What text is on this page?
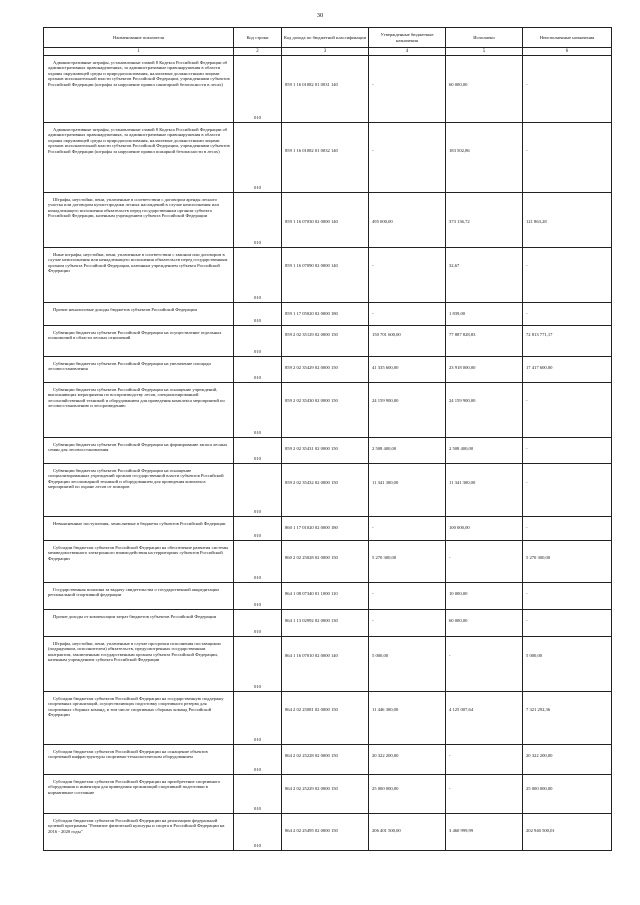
30
Наименование показателя	Код строки	Код дохода по бюджетной классификации	Утвержденные бюджетные назначения	Исполнено	Неисполненные назначения
1	2	3	4	5	6
Административные штрафы, установленные главой 8 Кодекса Российской Федерации об административных правонарушениях, за административные правонарушения в области охраны окружающей среды и природопользования, налагаемые должностными лицами органов исполнительной власти субъектов Российской Федерации, учреждениями субъектов Российской Федерации (штрафы за нарушение правил санитарной безопасности в лесах)	010	859 1 16 01082 01 0031 140	-	60 000,00	-

Административные штрафы, установленные главой 8 Кодекса Российской Федерации об административных правонарушениях, за административные правонарушения в области охраны окружающей среды и природопользования, налагаемые должностными лицами органов исполнительной власти субъектов Российской Федерации, учреждениями субъектов Российской Федерации (штрафы за нарушение правил пожарной безопасности в лесах)	010	859 1 16 01082 01 0032 140	-	183 502,86	-

Штрафы, неустойки, пени, уплаченные в соответствии с договором аренды лесного участка или договором купли-продажи лесных насаждений в случае неисполнения или ненадлежащего исполнения обязательств перед государственным органом субъекта Российской Федерации, казенным учреждением субъекта Российской Федерации	010	859 1 16 07030 02 0000 140	495 000,00	373 136,72	121 863,28

Иные штрафы, неустойки, пени, уплаченные в соответствии с законом или договором в случае неисполнения или ненадлежащего исполнения обязательств перед государственным органом субъекта Российской Федерации, казенным учреждением субъекта Российской Федерации	010	859 1 16 07090 02 0000 140	-	32,67	-

Прочие неналоговые доходы бюджетов субъектов Российской Федерации	010	859 1 17 05020 02 0000 180	-	1 839,00	-

Субвенции бюджетам субъектов Российской Федерации на осуществление отдельных полномочий в области лесных отношений	010	859 2 02 35129 02 0000 150	150 701 600,00	77 887 828,83	72 813 771,17

Субвенции бюджетам субъектов Российской Федерации на увеличение площади лесовосстановления	010	859 2 02 35429 02 0000 150	41 335 600,00	23 918 000,00	17 417 600,00

Субвенции бюджетам субъектов Российской Федерации на оснащение учреждений, выполняющих мероприятия по воспроизводству лесов, специализированной лесохозяйственной техникой и оборудованием для проведения комплекса мероприятий по лесовосстановлению и лесоразведению	010	859 2 02 35430 02 0000 150	24 159 900,00	24 159 900,00	-

Субвенции бюджетам субъектов Российской Федерации на формирование запаса лесных семян для лесовосстановления	010	859 2 02 35431 02 0000 150	2 508 400,00	2 508 400,00	-

Субвенции бюджетам субъектов Российской Федерации на оснащение специализированных учреждений органов государственной власти субъектов Российской Федерации лесопожарной техникой и оборудованием для проведения комплекса мероприятий по охране лесов от пожаров	010	859 2 02 35432 02 0000 150	11 341 300,00	11 341 300,00	-

Невыясненные поступления, зачисляемые в бюджеты субъектов Российской Федерации	010	860 1 17 01020 02 0000 180	-	100 000,00	-

Субсидии бюджетам субъектов Российской Федерации на обеспечение развития системы межведомственного электронного взаимодействия на территориях субъектов Российской Федерации	010	860 2 02 25028 02 0000 150	5 270 300,00	-	5 270 300,00

Государственная пошлина за выдачу свидетельства о государственной аккредитации региональной спортивной федерации	010	864 1 08 07340 01 1000 110	-	10 000,00	-

Прочие доходы от компенсации затрат бюджетов субъектов Российской Федерации	010	864 1 13 02992 02 0000 130	-	60 000,00	-

Штрафы, неустойки, пени, уплаченные в случае просрочки исполнения поставщиком (подрядчиком, исполнителем) обязательств, предусмотренных государственным контрактом, заключенным государственным органом субъекта Российской Федерации, казенным учреждением субъекта Российской Федерации	010	864 1 16 07010 02 0000 140	5 000,00	-	5 000,00

Субсидии бюджетам субъектов Российской Федерации на государственную поддержку спортивных организаций, осуществляющих подготовку спортивного резерва для спортивных сборных команд, в том числе спортивных сборных команд Российской Федерации	010	864 2 02 25081 02 0000 150	11 446 300,00	4 125 007,64	7 321 292,36

Субсидии бюджетам субъектов Российской Федерации на оснащение объектов спортивной инфраструктуры спортивно-технологическим оборудованием	010	864 2 02 25228 02 0000 150	20 322 200,00	-	20 322 200,00

Субсидии бюджетам субъектов Российской Федерации на приобретение спортивного оборудования и инвентаря для приведения организаций спортивной подготовки в нормативное состояние	010	864 2 02 25229 02 0000 150	25 000 000,00	-	25 000 000,00

Субсидии бюджетам субъектов Российской Федерации на реализацию федеральной целевой программы "Развитие физической культуры и спорта в Российской Федерации на 2016 - 2020 годы"	010	864 2 02 25495 02 0000 150	206 401 500,00	3 460 999,99	202 940 500,01
